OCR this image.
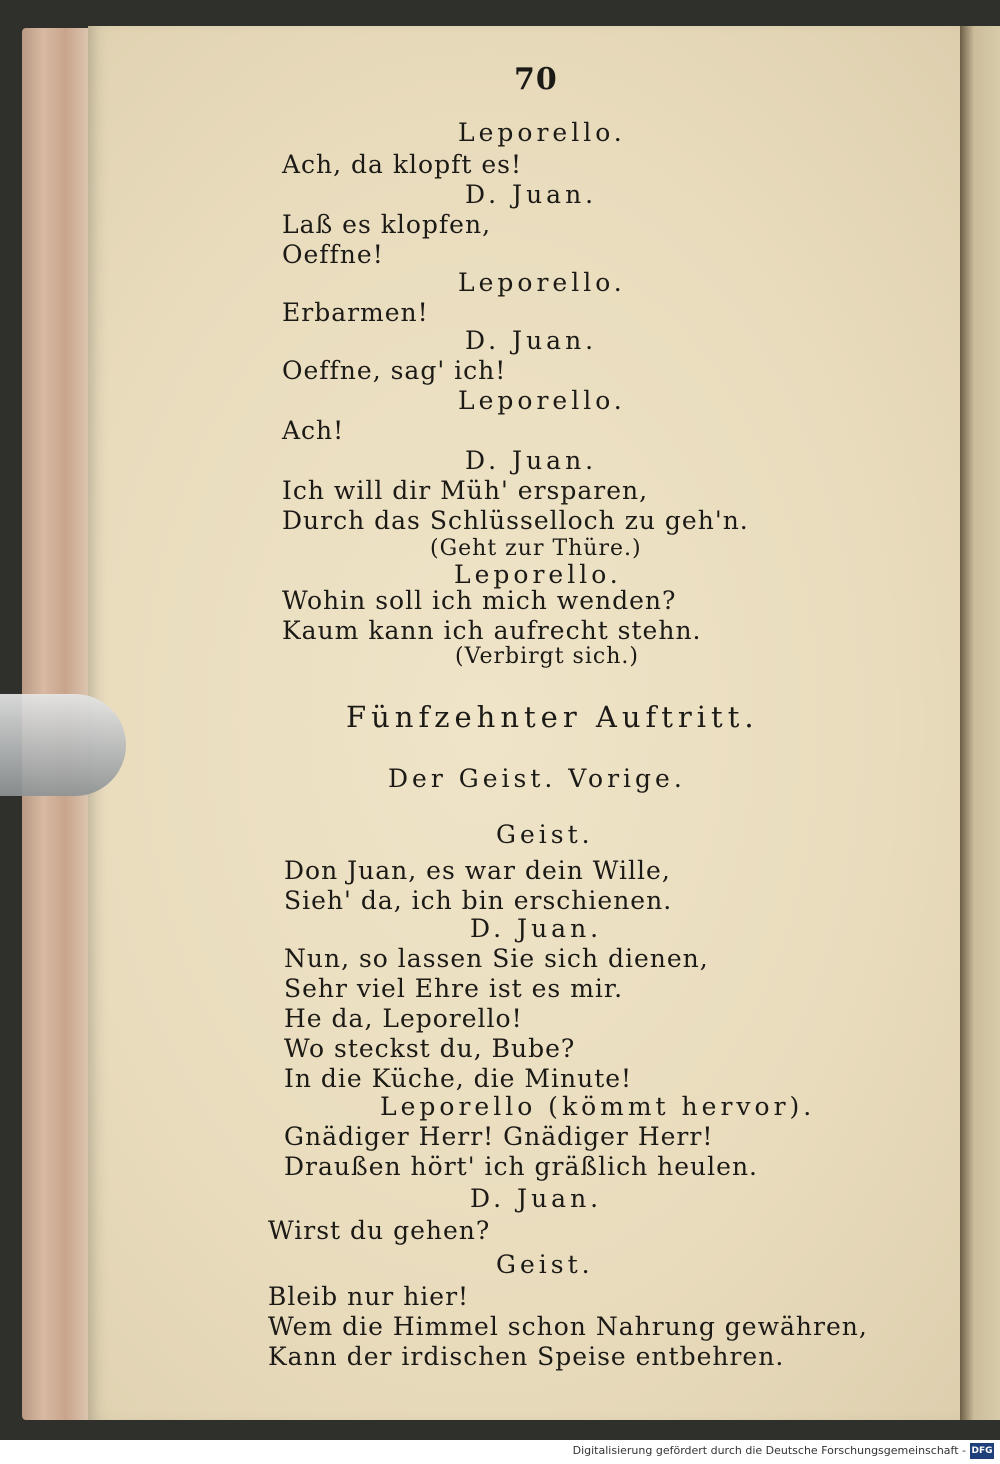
70
Leporello.
Ach, da klopft es!
D. Juan.
Laß es klopfen,
Oeffne!
Leporello.
Erbarmen!
D. Juan.
Oeffne, sag' ich!
Leporello.
Ach!
D. Juan.
Ich will dir Müh' ersparen,
Durch das Schlüsselloch zu geh'n.
(Geht zur Thüre.)
Leporello.
Wohin soll ich mich wenden?
Kaum kann ich aufrecht stehn.
(Verbirgt sich.)
Fünfzehnter Auftritt.
Der Geist. Vorige.
Geist.
Don Juan, es war dein Wille,
Sieh' da, ich bin erschienen.
D. Juan.
Nun, so lassen Sie sich dienen,
Sehr viel Ehre ist es mir.
He da, Leporello!
Wo steckst du, Bube?
In die Küche, die Minute!
Leporello (kömmt hervor).
Gnädiger Herr! Gnädiger Herr!
Draußen hört' ich gräßlich heulen.
D. Juan.
Wirst du gehen?
Geist.
Bleib nur hier!
Wem die Himmel schon Nahrung gewähren,
Kann der irdischen Speise entbehren.
Digitalisierung gefördert durch die Deutsche Forschungsgemeinschaft - DFG
